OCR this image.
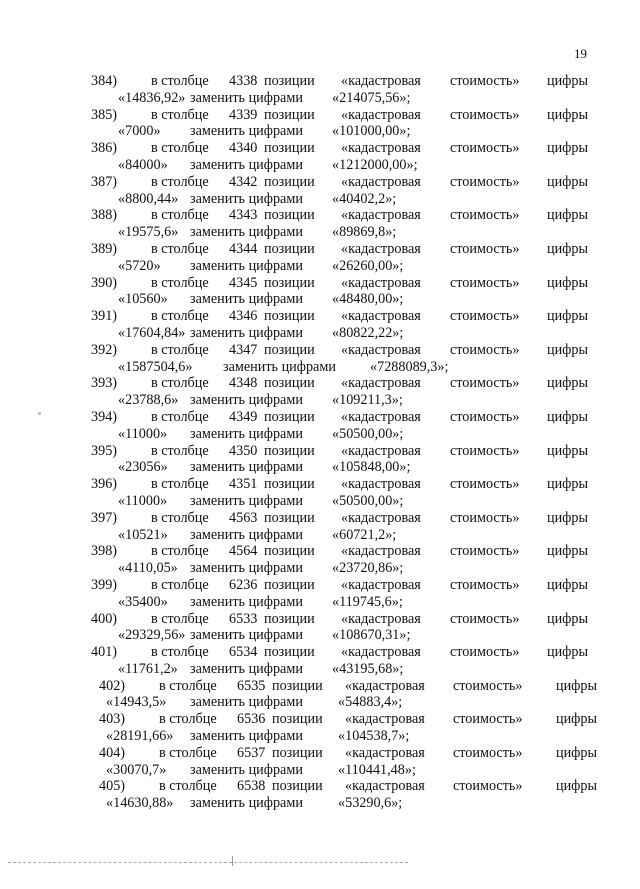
19
384) в столбце 4338 позиции «кадастровая стоимость» цифры
«14836,92» заменить цифрами «214075,56»;
385) в столбце 4339 позиции «кадастровая стоимость» цифры
«7000» заменить цифрами «101000,00»;
386) в столбце 4340 позиции «кадастровая стоимость» цифры
«84000» заменить цифрами «1212000,00»;
387) в столбце 4342 позиции «кадастровая стоимость» цифры
«8800,44» заменить цифрами «40402,2»;
388) в столбце 4343 позиции «кадастровая стоимость» цифры
«19575,6» заменить цифрами «89869,8»;
389) в столбце 4344 позиции «кадастровая стоимость» цифры
«5720» заменить цифрами «26260,00»;
390) в столбце 4345 позиции «кадастровая стоимость» цифры
«10560» заменить цифрами «48480,00»;
391) в столбце 4346 позиции «кадастровая стоимость» цифры
«17604,84» заменить цифрами «80822,22»;
392) в столбце 4347 позиции «кадастровая стоимость» цифры
«1587504,6» заменить цифрами «7288089,3»;
393) в столбце 4348 позиции «кадастровая стоимость» цифры
«23788,6» заменить цифрами «109211,3»;
394) в столбце 4349 позиции «кадастровая стоимость» цифры
«11000» заменить цифрами «50500,00»;
395) в столбце 4350 позиции «кадастровая стоимость» цифры
«23056» заменить цифрами «105848,00»;
396) в столбце 4351 позиции «кадастровая стоимость» цифры
«11000» заменить цифрами «50500,00»;
397) в столбце 4563 позиции «кадастровая стоимость» цифры
«10521» заменить цифрами «60721,2»;
398) в столбце 4564 позиции «кадастровая стоимость» цифры
«4110,05» заменить цифрами «23720,86»;
399) в столбце 6236 позиции «кадастровая стоимость» цифры
«35400» заменить цифрами «119745,6»;
400) в столбце 6533 позиции «кадастровая стоимость» цифры
«29329,56» заменить цифрами «108670,31»;
401) в столбце 6534 позиции «кадастровая стоимость» цифры
«11761,2» заменить цифрами «43195,68»;
402) в столбце 6535 позиции «кадастровая стоимость» цифры
«14943,5» заменить цифрами «54883,4»;
403) в столбце 6536 позиции «кадастровая стоимость» цифры
«28191,66» заменить цифрами «104538,7»;
404) в столбце 6537 позиции «кадастровая стоимость» цифры
«30070,7» заменить цифрами «110441,48»;
405) в столбце 6538 позиции «кадастровая стоимость» цифры
«14630,88» заменить цифрами «53290,6»;
